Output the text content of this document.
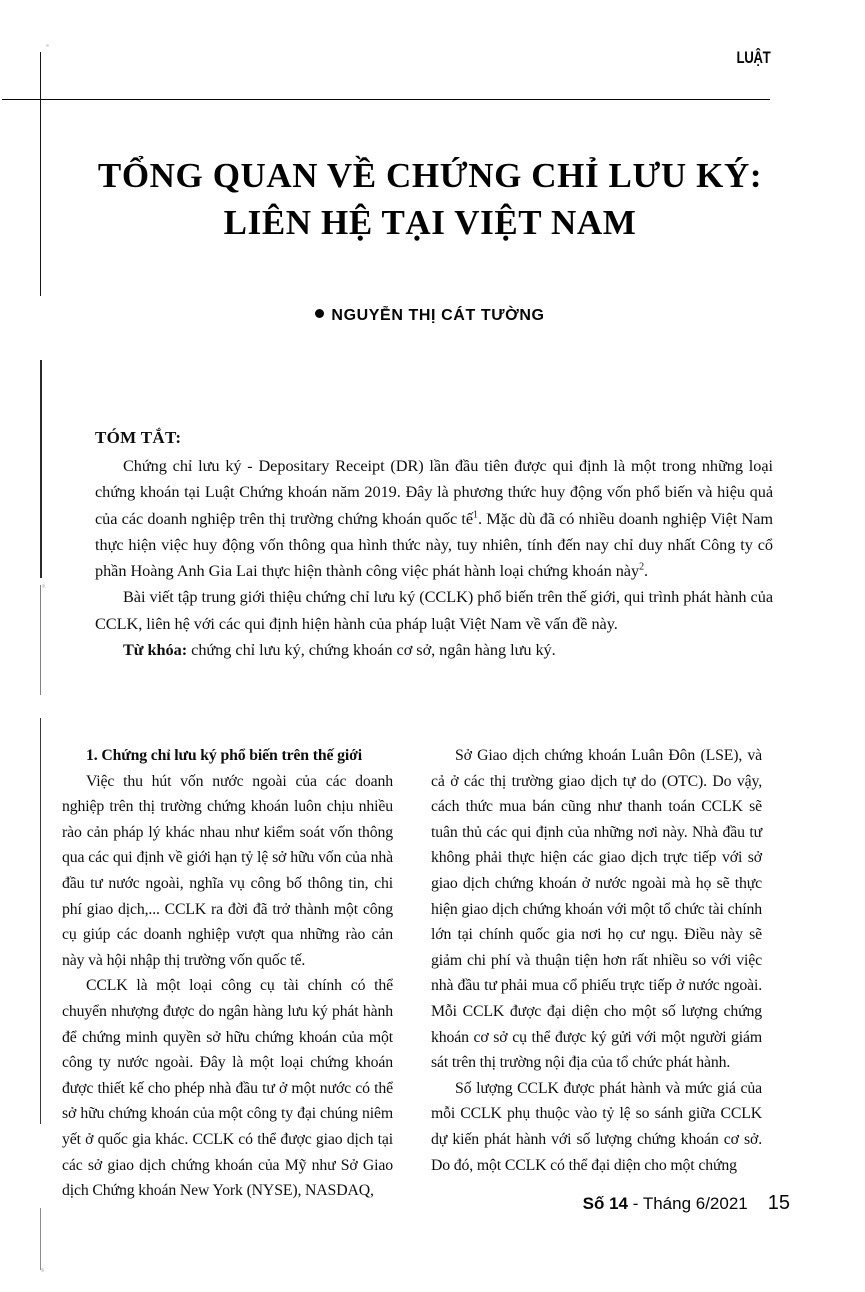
LUẬT
TỔNG QUAN VỀ CHỨNG CHỈ LƯU KÝ:
LIÊN HỆ TẠI VIỆT NAM
NGUYỄN THỊ CÁT TƯỜNG
TÓM TẮT:

Chứng chỉ lưu ký - Depositary Receipt (DR) lần đầu tiên được qui định là một trong những loại chứng khoán tại Luật Chứng khoán năm 2019. Đây là phương thức huy động vốn phổ biến và hiệu quả của các doanh nghiệp trên thị trường chứng khoán quốc tế$^1$. Mặc dù đã có nhiều doanh nghiệp Việt Nam thực hiện việc huy động vốn thông qua hình thức này, tuy nhiên, tính đến nay chỉ duy nhất Công ty cổ phần Hoàng Anh Gia Lai thực hiện thành công việc phát hành loại chứng khoán này$^2$.

Bài viết tập trung giới thiệu chứng chỉ lưu ký (CCLK) phổ biến trên thế giới, qui trình phát hành của CCLK, liên hệ với các qui định hiện hành của pháp luật Việt Nam về vấn đề này.

Từ khóa: chứng chỉ lưu ký, chứng khoán cơ sở, ngân hàng lưu ký.

1. Chứng chỉ lưu ký phổ biến trên thế giới

Việc thu hút vốn nước ngoài của các doanh nghiệp trên thị trường chứng khoán luôn chịu nhiều rào cản pháp lý khác nhau như kiểm soát vốn thông qua các qui định về giới hạn tỷ lệ sở hữu vốn của nhà đầu tư nước ngoài, nghĩa vụ công bố thông tin, chi phí giao dịch,... CCLK ra đời đã trở thành một công cụ giúp các doanh nghiệp vượt qua những rào cản này và hội nhập thị trường vốn quốc tế.

CCLK là một loại công cụ tài chính có thể chuyển nhượng được do ngân hàng lưu ký phát hành để chứng minh quyền sở hữu chứng khoán của một công ty nước ngoài. Đây là một loại chứng khoán được thiết kế cho phép nhà đầu tư ở một nước có thể sở hữu chứng khoán của một công ty đại chúng niêm yết ở quốc gia khác. CCLK có thể được giao dịch tại các sở giao dịch chứng khoán của Mỹ như Sở Giao dịch Chứng khoán New York (NYSE), NASDAQ,

Sở Giao dịch chứng khoán Luân Đôn (LSE), và cả ở các thị trường giao dịch tự do (OTC). Do vậy, cách thức mua bán cũng như thanh toán CCLK sẽ tuân thủ các qui định của những nơi này. Nhà đầu tư không phải thực hiện các giao dịch trực tiếp với sở giao dịch chứng khoán ở nước ngoài mà họ sẽ thực hiện giao dịch chứng khoán với một tổ chức tài chính lớn tại chính quốc gia nơi họ cư ngụ. Điều này sẽ giảm chi phí và thuận tiện hơn rất nhiều so với việc nhà đầu tư phải mua cổ phiếu trực tiếp ở nước ngoài. Mỗi CCLK được đại diện cho một số lượng chứng khoán cơ sở cụ thể được ký gửi với một người giám sát trên thị trường nội địa của tổ chức phát hành.

Số lượng CCLK được phát hành và mức giá của mỗi CCLK phụ thuộc vào tỷ lệ so sánh giữa CCLK dự kiến phát hành với số lượng chứng khoán cơ sở. Do đó, một CCLK có thể đại diện cho một chứng

Số 14 - Tháng 6/2021 15
